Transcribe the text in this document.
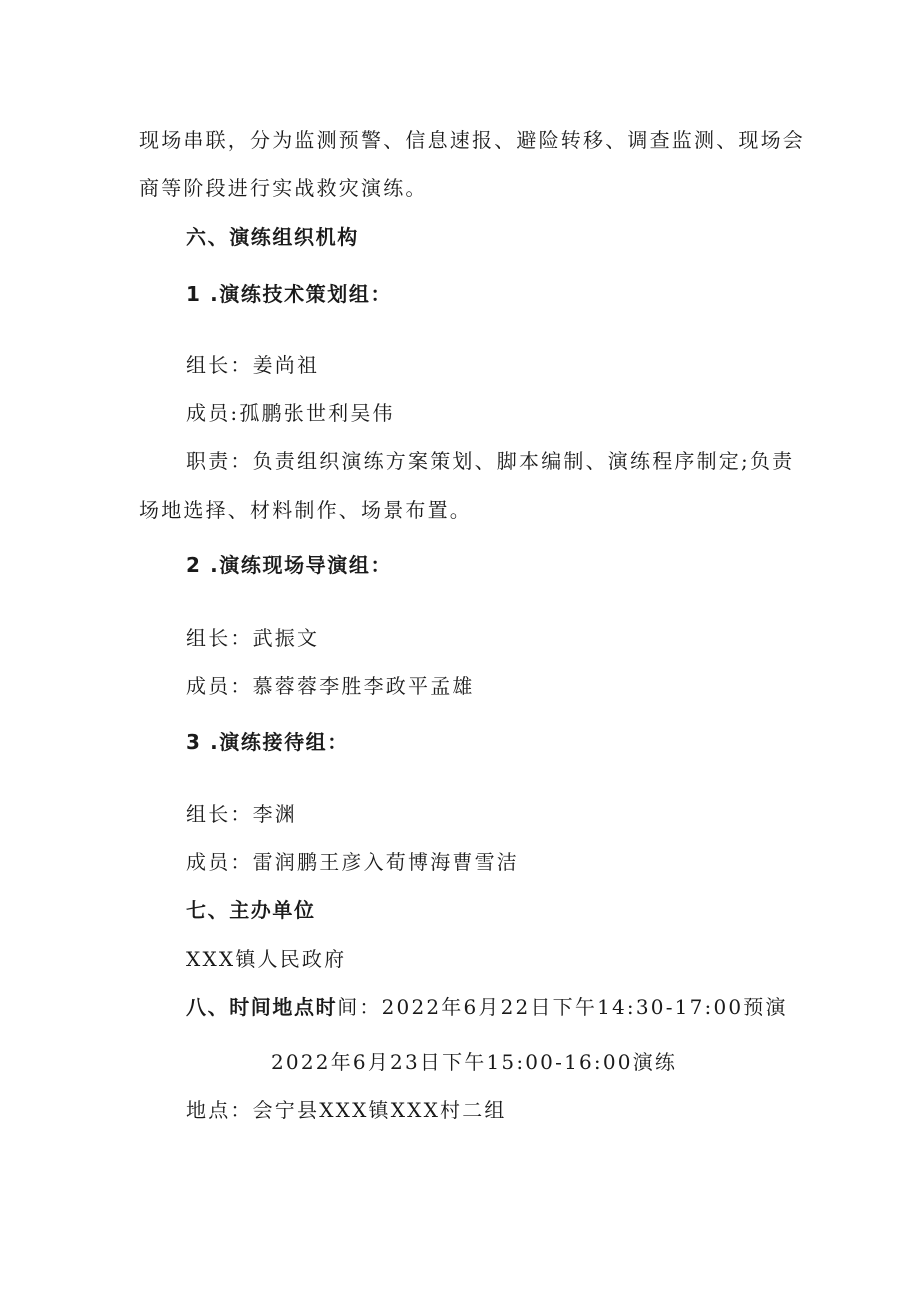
现场串联，分为监测预警、信息速报、避险转移、调查监测、现场会
商等阶段进行实战救灾演练。
六、演练组织机构
1 .演练技术策划组：
组长：姜尚祖
成员:孤鹏张世利吴伟
职责：负责组织演练方案策划、脚本编制、演练程序制定;负责
场地选择、材料制作、场景布置。
2 .演练现场导演组：
组长：武振文
成员：慕蓉蓉李胜李政平孟雄
3 .演练接待组：
组长：李渊
成员：雷润鹏王彦入荀博海曹雪洁
七、主办单位
XXX镇人民政府
八、时间地点时间：2022年6月22日下午14:30-17:00预演
2022年6月23日下午15:00-16:00演练
地点：会宁县XXX镇XXX村二组
